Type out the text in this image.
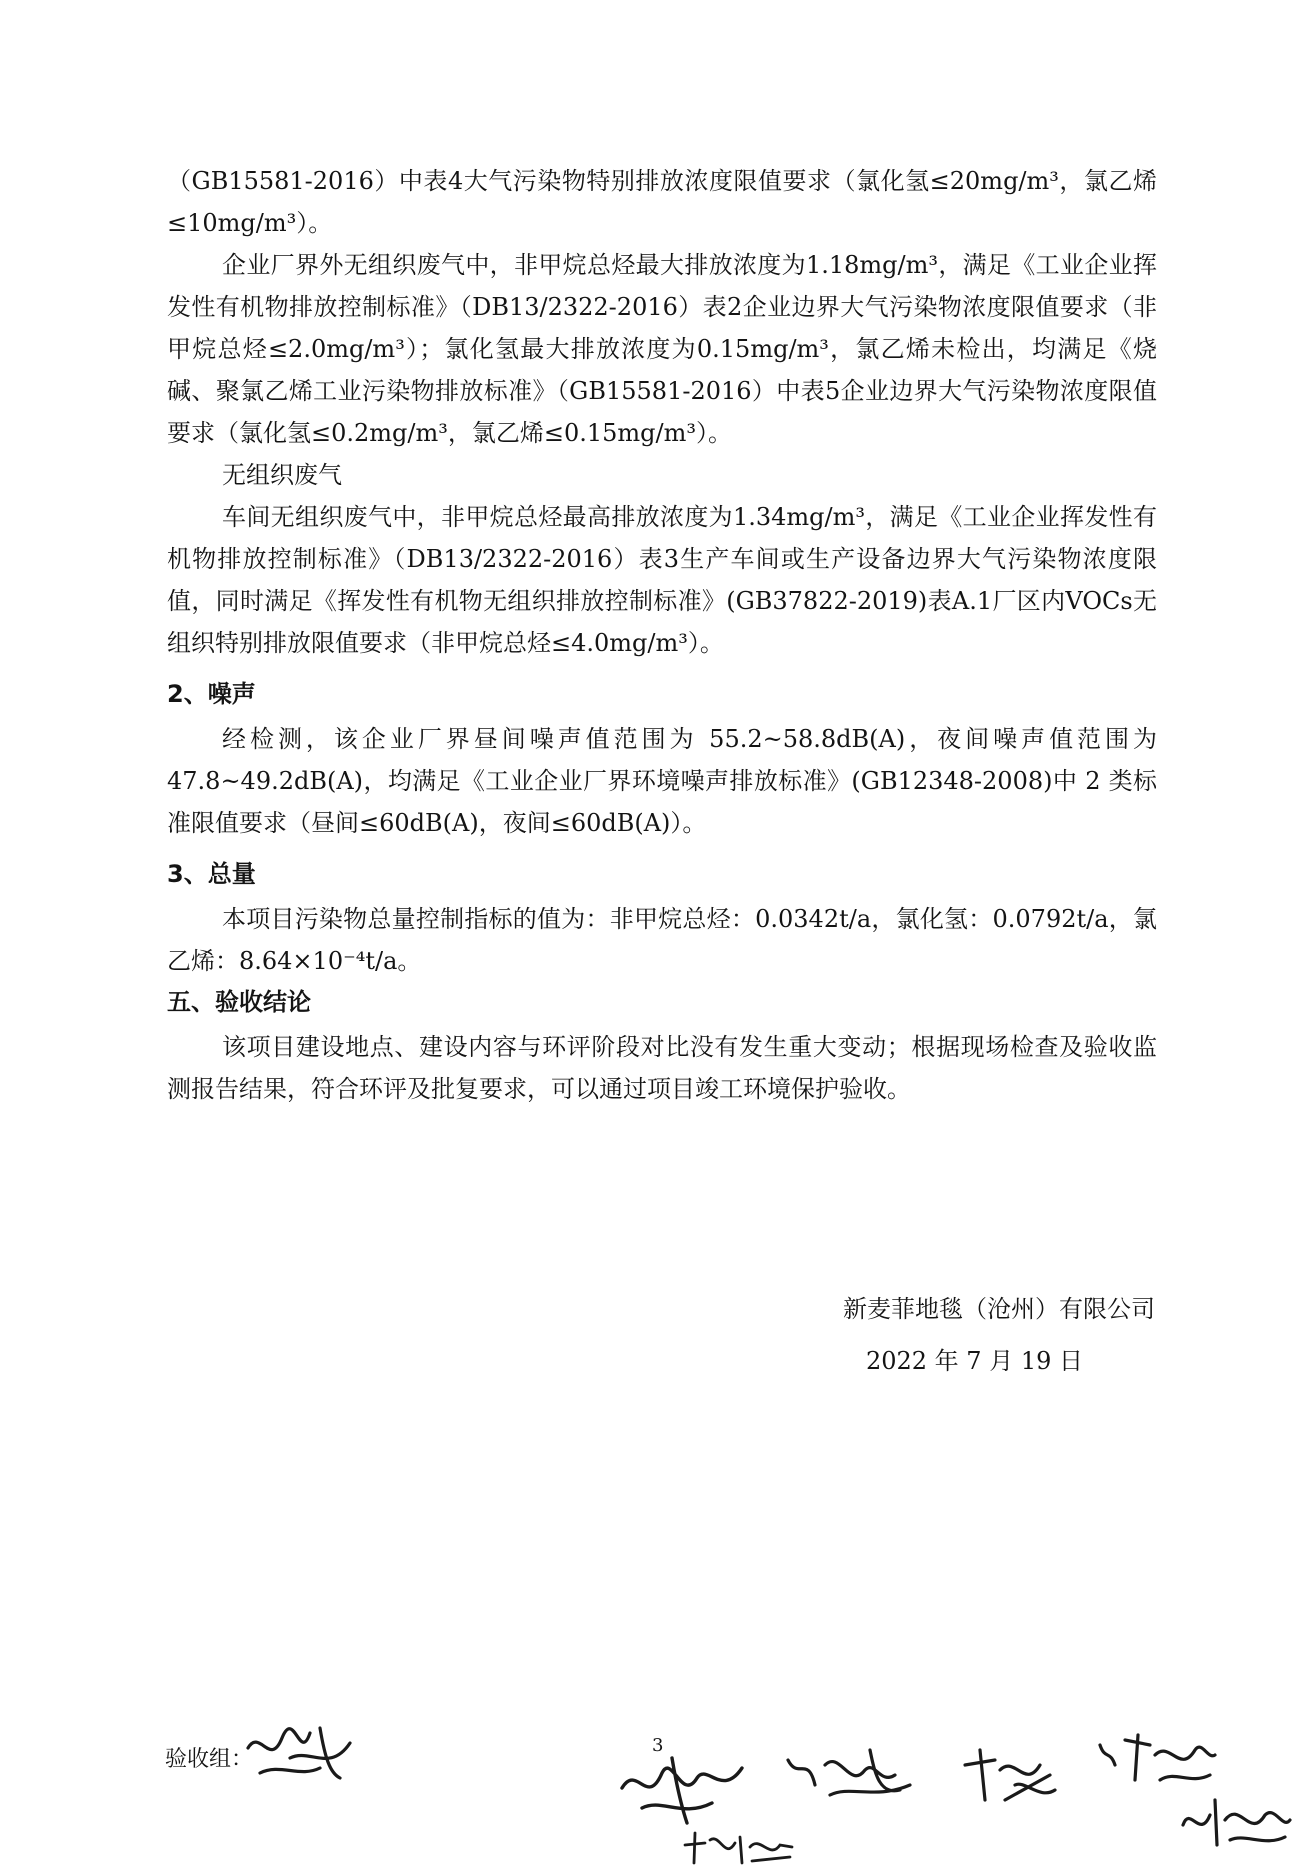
（GB15581-2016）中表4大气污染物特别排放浓度限值要求（氯化氢≤20mg/m³，氯乙烯≤10mg/m³）。

企业厂界外无组织废气中，非甲烷总烃最大排放浓度为1.18mg/m³，满足《工业企业挥发性有机物排放控制标准》（DB13/2322-2016）表2企业边界大气污染物浓度限值要求（非甲烷总烃≤2.0mg/m³）；氯化氢最大排放浓度为0.15mg/m³，氯乙烯未检出，均满足《烧碱、聚氯乙烯工业污染物排放标准》（GB15581-2016）中表5企业边界大气污染物浓度限值要求（氯化氢≤0.2mg/m³，氯乙烯≤0.15mg/m³）。

无组织废气

车间无组织废气中，非甲烷总烃最高排放浓度为1.34mg/m³，满足《工业企业挥发性有机物排放控制标准》（DB13/2322-2016）表3生产车间或生产设备边界大气污染物浓度限值，同时满足《挥发性有机物无组织排放控制标准》(GB37822-2019)表A.1厂区内VOCs无组织特别排放限值要求（非甲烷总烃≤4.0mg/m³）。

2、噪声

经检测，该企业厂界昼间噪声值范围为 55.2~58.8dB(A)，夜间噪声值范围为47.8~49.2dB(A)，均满足《工业企业厂界环境噪声排放标准》(GB12348-2008)中 2 类标准限值要求（昼间≤60dB(A)，夜间≤60dB(A)）。

3、总量

本项目污染物总量控制指标的值为：非甲烷总烃：0.0342t/a，氯化氢：0.0792t/a，氯乙烯：8.64×10⁻⁴t/a。

五、验收结论

该项目建设地点、建设内容与环评阶段对比没有发生重大变动；根据现场检查及验收监测报告结果，符合环评及批复要求，可以通过项目竣工环境保护验收。

新麦菲地毯（沧州）有限公司
2022 年 7 月 19 日
验收组：
3
